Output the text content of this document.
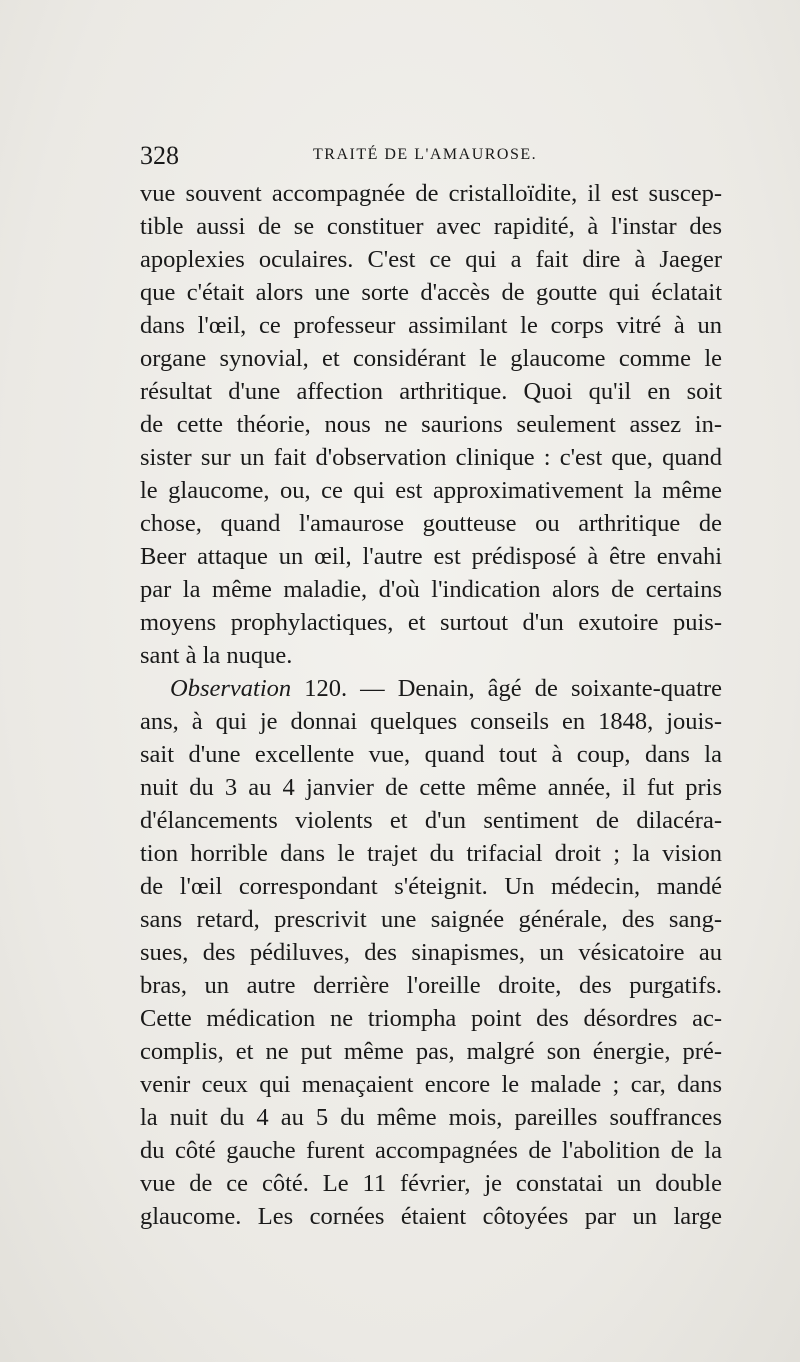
328	TRAITÉ DE L'AMAUROSE.
vue souvent accompagnée de cristalloïdite, il est suscep-
tible aussi de se constituer avec rapidité, à l'instar des
apoplexies oculaires. C'est ce qui a fait dire à Jaeger
que c'était alors une sorte d'accès de goutte qui éclatait
dans l'œil, ce professeur assimilant le corps vitré à un
organe synovial, et considérant le glaucome comme le
résultat d'une affection arthritique. Quoi qu'il en soit
de cette théorie, nous ne saurions seulement assez in-
sister sur un fait d'observation clinique : c'est que, quand
le glaucome, ou, ce qui est approximativement la même
chose, quand l'amaurose goutteuse ou arthritique de
Beer attaque un œil, l'autre est prédisposé à être envahi
par la même maladie, d'où l'indication alors de certains
moyens prophylactiques, et surtout d'un exutoire puis-
sant à la nuque.
Observation 120. — Denain, âgé de soixante-quatre
ans, à qui je donnai quelques conseils en 1848, jouis-
sait d'une excellente vue, quand tout à coup, dans la
nuit du 3 au 4 janvier de cette même année, il fut pris
d'élancements violents et d'un sentiment de dilacéra-
tion horrible dans le trajet du trifacial droit ; la vision
de l'œil correspondant s'éteignit. Un médecin, mandé
sans retard, prescrivit une saignée générale, des sang-
sues, des pédiluves, des sinapismes, un vésicatoire au
bras, un autre derrière l'oreille droite, des purgatifs.
Cette médication ne triompha point des désordres ac-
complis, et ne put même pas, malgré son énergie, pré-
venir ceux qui menaçaient encore le malade ; car, dans
la nuit du 4 au 5 du même mois, pareilles souffrances
du côté gauche furent accompagnées de l'abolition de la
vue de ce côté. Le 11 février, je constatai un double
glaucome. Les cornées étaient côtoyées par un large
